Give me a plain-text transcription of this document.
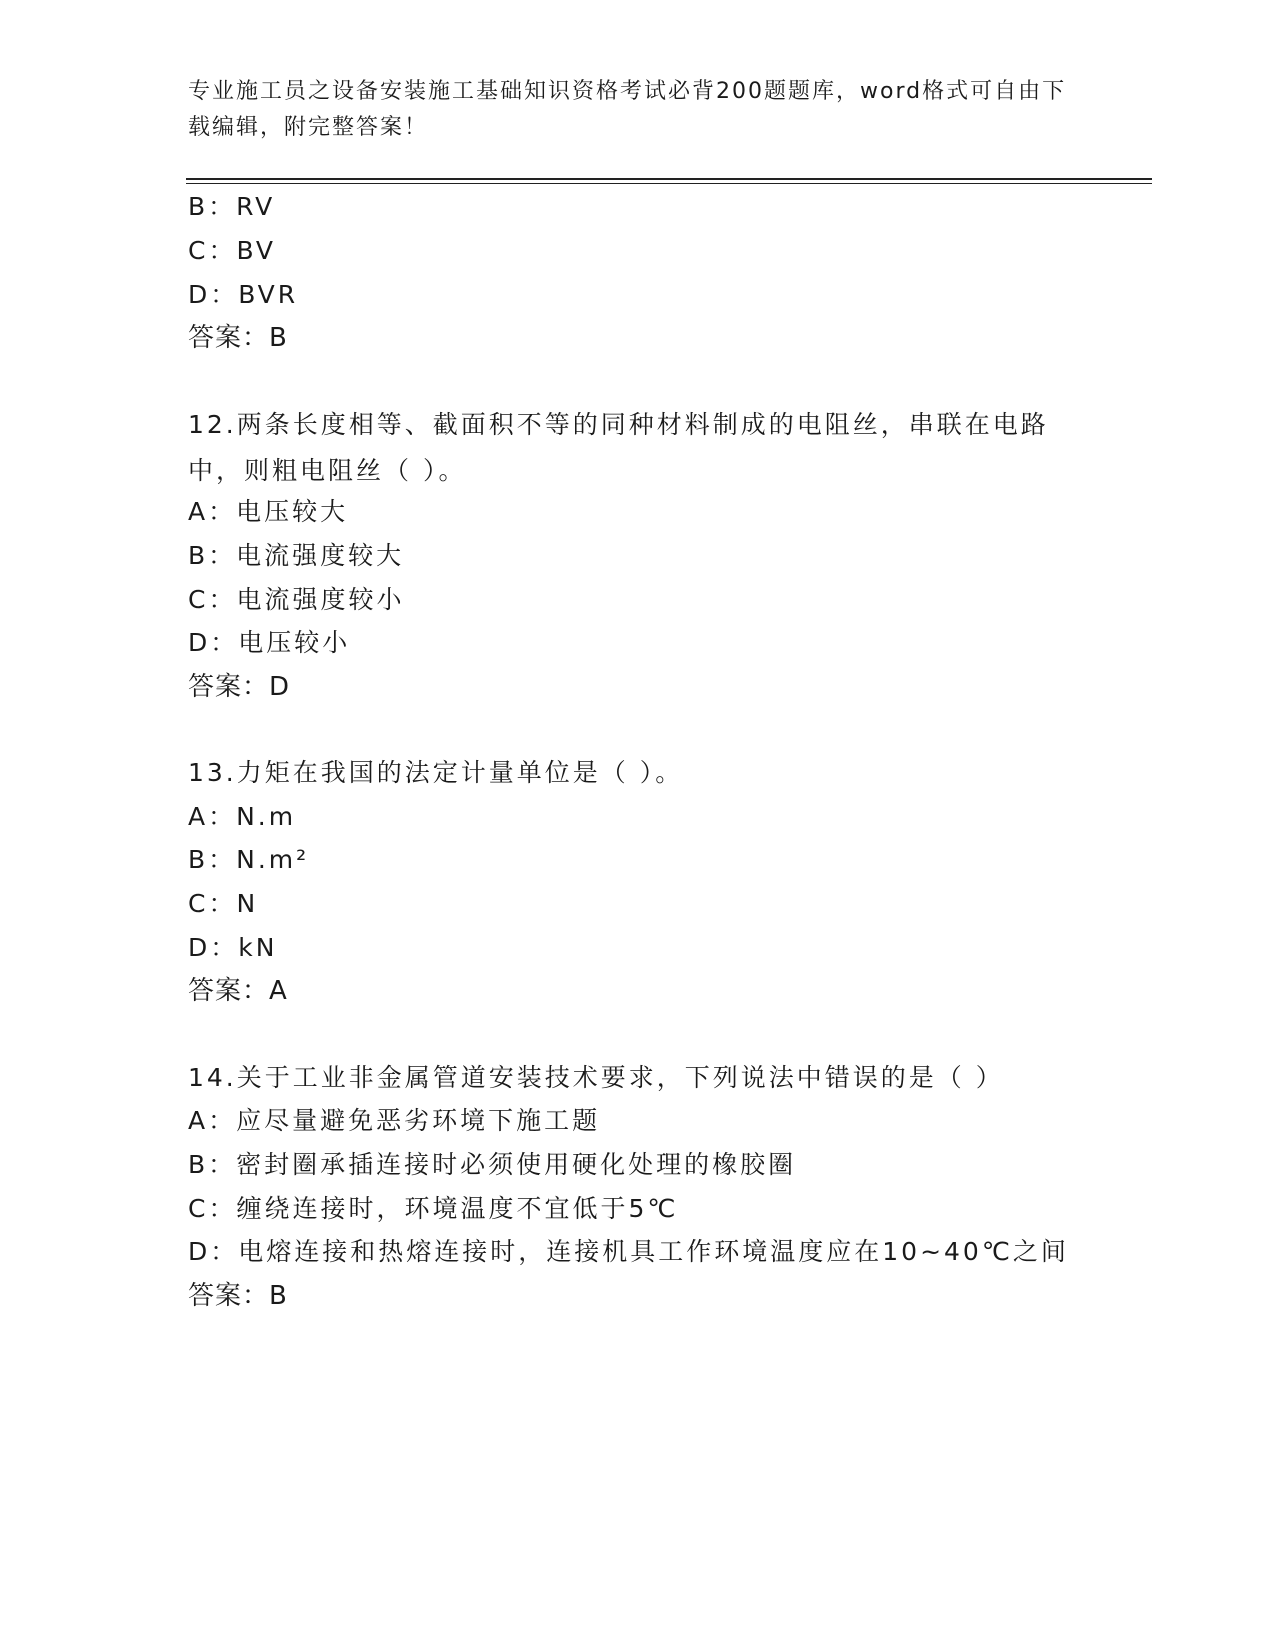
专业施工员之设备安装施工基础知识资格考试必背200题题库，word格式可自由下载编辑，附完整答案！
B：RV
C：BV
D：BVR
答案：B
12.两条长度相等、截面积不等的同种材料制成的电阻丝，串联在电路中，则粗电阻丝（ ）。
A：电压较大
B：电流强度较大
C：电流强度较小
D：电压较小
答案：D
13.力矩在我国的法定计量单位是（ ）。
A：N.m
B：N.m²
C：N
D：kN
答案：A
14.关于工业非金属管道安装技术要求，下列说法中错误的是（ ）
A：应尽量避免恶劣环境下施工题
B：密封圈承插连接时必须使用硬化处理的橡胶圈
C：缠绕连接时，环境温度不宜低于5℃
D：电熔连接和热熔连接时，连接机具工作环境温度应在10~40℃之间
答案：B
